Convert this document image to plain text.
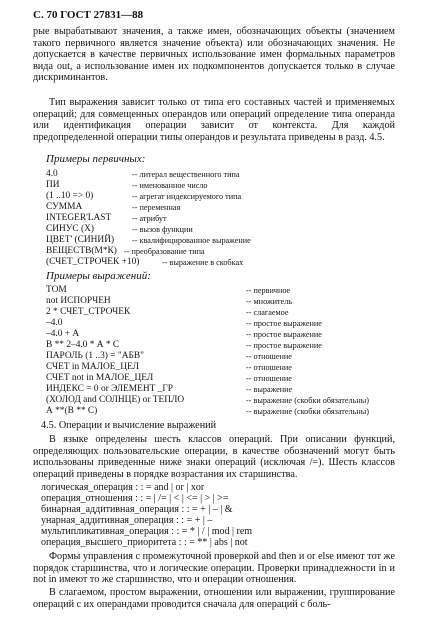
С. 70 ГОСТ 27831—88

рые вырабатывают значения, а также имен, обозначающих объекты (значением такого первичного является значение объекта) или обозначающих значения. Не допускается в качестве первичных использование имен формальных параметров вида out, а использование имен их подкомпонентов допускается только в случае дискриминантов.

Тип выражения зависит только от типа его составных частей и применяемых операций; для совмещенных операндов или операций определение типа операнда или идентификация операции зависит от контекста. Для каждой предопределенной операции типы операндов и результата приведены в разд. 4.5.

Примеры первичных:
4.0	-- литерал вещественного типа
ПИ	-- именованное число
(1 ..10 => 0)	-- агрегат индексируемого типа
СУММА	-- переменная
INTEGER'LAST	-- атрибут
СИНУС (X)	-- вызов функции
ЦВЕТ' (СИНИЙ) -- квалифицированное выражение
ВЕЩЕСТВ(М*К) -- преобразование типа
(СЧЕТ_СТРОЧЕК +10)	-- выражение в скобках
Примеры выражений:
ТОМ	-- первичное
not ИСПОРЧЕН	-- множитель
2 * СЧЕТ_СТРОЧЕК	-- слагаемое
–4.0	-- простое выражение
–4.0 + А	-- простое выражение
В ** 2–4.0 * А * С	-- простое выражение
ПАРОЛЬ (1 ..3) = "АБВ"	-- отношение
СЧЕТ in МАЛОЕ_ЦЕЛ	-- отношение
СЧЕТ not in МАЛОЕ_ЦЕЛ	-- отношение
ИНДЕКС = 0 or ЭЛЕМЕНТ _ГР	-- выражение
(ХОЛОД and СОЛНЦЕ) or ТЕПЛО	-- выражение (скобки обязательны)
А **(В ** С)	-- выражение (скобки обязательны)
4.5. Операции и вычисление выражений

В языке определены шесть классов операций. При описании функций, определяющих пользовательские операции, в качестве обозначений могут быть использованы приведенные ниже знаки операций (исключая /=). Шесть классов операций приведены в порядке возрастания их старшинства.

логическая_операция : : = and | or | xor
операция_отношения : : = | /= | < | <= | > | >=
бинарная_аддитивная_операция : : = + | – | &
унарная_аддитивная_операция : : = + | –
мультипликативная_операция : : = * | / | mod | rem
операция_высшего_приоритета : : = ** | abs | not

Формы управления с промежуточной проверкой and then и or else имеют тот же порядок старшинства, что и логические операции. Проверки принадлежности in и not in имеют то же старшинство, что и операции отношения.

В слагаемом, простом выражении, отношении или выражении, группирование операций с их операндами проводится сначала для операций с боль-
